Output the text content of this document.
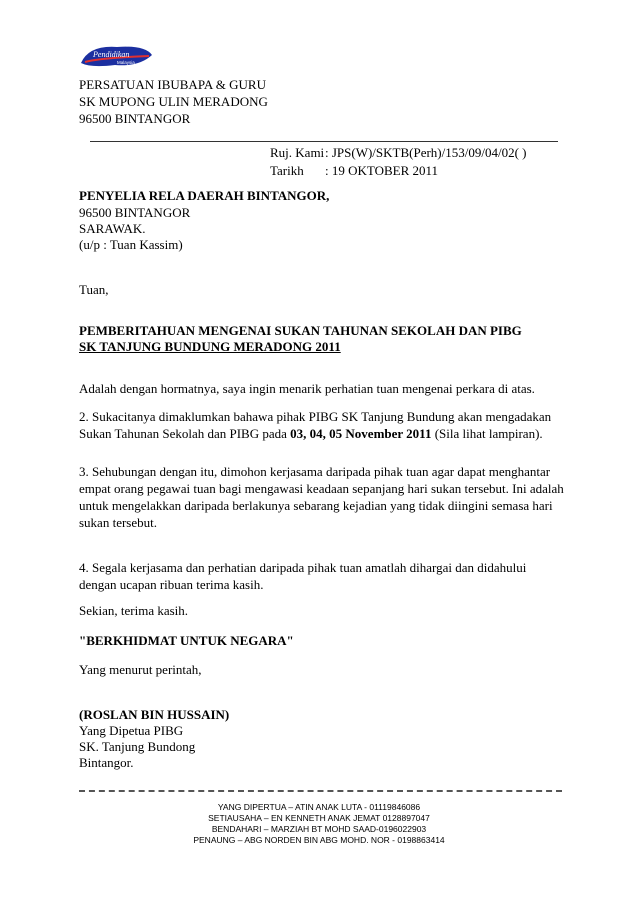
Pendidikan
Malaysia
PERSATUAN IBUBAPA & GURU
SK MUPONG ULIN MERADONG
96500 BINTANGOR
Ruj. Kami : JPS(W)/SKTB(Perh)/153/09/04/02( )
Tarikh : 19 OKTOBER 2011
PENYELIA RELA DAERAH BINTANGOR,
96500 BINTANGOR
SARAWAK.
(u/p : Tuan Kassim)
Tuan,
PEMBERITAHUAN MENGENAI SUKAN TAHUNAN SEKOLAH DAN PIBG
SK TANJUNG BUNDUNG MERADONG 2011
Adalah dengan hormatnya, saya ingin menarik perhatian tuan mengenai perkara di atas.
2. Sukacitanya dimaklumkan bahawa pihak PIBG SK Tanjung Bundung akan mengadakan Sukan Tahunan Sekolah dan PIBG pada 03, 04, 05 November 2011 (Sila lihat lampiran).
3. Sehubungan dengan itu, dimohon kerjasama daripada pihak tuan agar dapat menghantar empat orang pegawai tuan bagi mengawasi keadaan sepanjang hari sukan tersebut. Ini adalah untuk mengelakkan daripada berlakunya sebarang kejadian yang tidak diingini semasa hari sukan tersebut.
4. Segala kerjasama dan perhatian daripada pihak tuan amatlah dihargai dan didahului dengan ucapan ribuan terima kasih.
Sekian, terima kasih.
"BERKHIDMAT UNTUK NEGARA"
Yang menurut perintah,
(ROSLAN BIN HUSSAIN)
Yang Dipetua PIBG
SK. Tanjung Bundong
Bintangor.
YANG DIPERTUA – ATIN ANAK LUTA - 01119846086
SETIAUSAHA – EN KENNETH ANAK JEMAT 0128897047
BENDAHARI – MARZIAH BT MOHD SAAD-0196022903
PENAUNG – ABG NORDEN BIN ABG MOHD. NOR - 0198863414
